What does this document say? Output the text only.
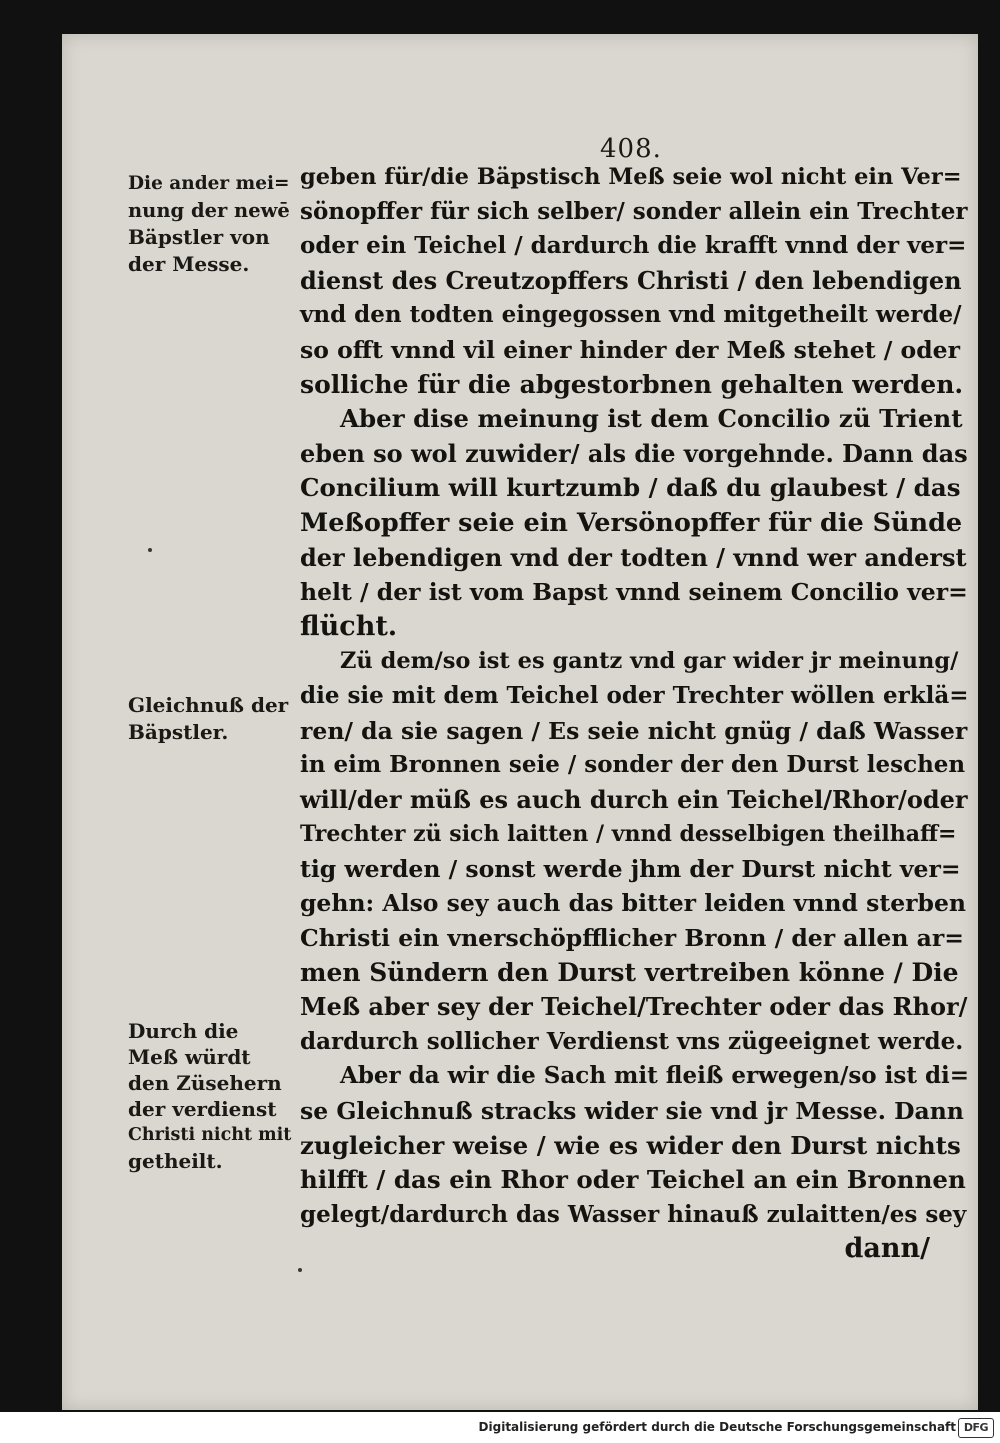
408.
Die ander mei=
nung der newē
Bäpstler von
der Messe.
Gleichnuß der
Bäpstler.
Durch die
Meß würdt
den Züsehern
der verdienst
Christi nicht mit
getheilt.
geben für/die Bäpstisch Meß seie wol nicht ein Ver=
sönopffer für sich selber/ sonder allein ein Trechter
oder ein Teichel / dardurch die krafft vnnd der ver=
dienst des Creutzopffers Christi / den lebendigen
vnd den todten eingegossen vnd mitgetheilt werde/
so offt vnnd vil einer hinder der Meß stehet / oder
solliche für die abgestorbnen gehalten werden.
Aber dise meinung ist dem Concilio zü Trient
eben so wol zuwider/ als die vorgehnde. Dann das
Concilium will kurtzumb / daß du glaubest / das
Meßopffer seie ein Versönopffer für die Sünde
der lebendigen vnd der todten / vnnd wer anderst
helt / der ist vom Bapst vnnd seinem Concilio ver=
flücht.
Zü dem/so ist es gantz vnd gar wider jr meinung/
die sie mit dem Teichel oder Trechter wöllen erklä=
ren/ da sie sagen / Es seie nicht gnüg / daß Wasser
in eim Bronnen seie / sonder der den Durst leschen
will/der müß es auch durch ein Teichel/Rhor/oder
Trechter zü sich laitten / vnnd desselbigen theilhaff=
tig werden / sonst werde jhm der Durst nicht ver=
gehn: Also sey auch das bitter leiden vnnd sterben
Christi ein vnerschöpfflicher Bronn / der allen ar=
men Sündern den Durst vertreiben könne / Die
Meß aber sey der Teichel/Trechter oder das Rhor/
dardurch sollicher Verdienst vns zügeeignet werde.
Aber da wir die Sach mit fleiß erwegen/so ist di=
se Gleichnuß stracks wider sie vnd jr Messe. Dann
zugleicher weise / wie es wider den Durst nichts
hilfft / das ein Rhor oder Teichel an ein Bronnen
gelegt/dardurch das Wasser hinauß zulaitten/es sey
dann/
Digitalisierung gefördert durch die Deutsche Forschungsgemeinschaft DFG
